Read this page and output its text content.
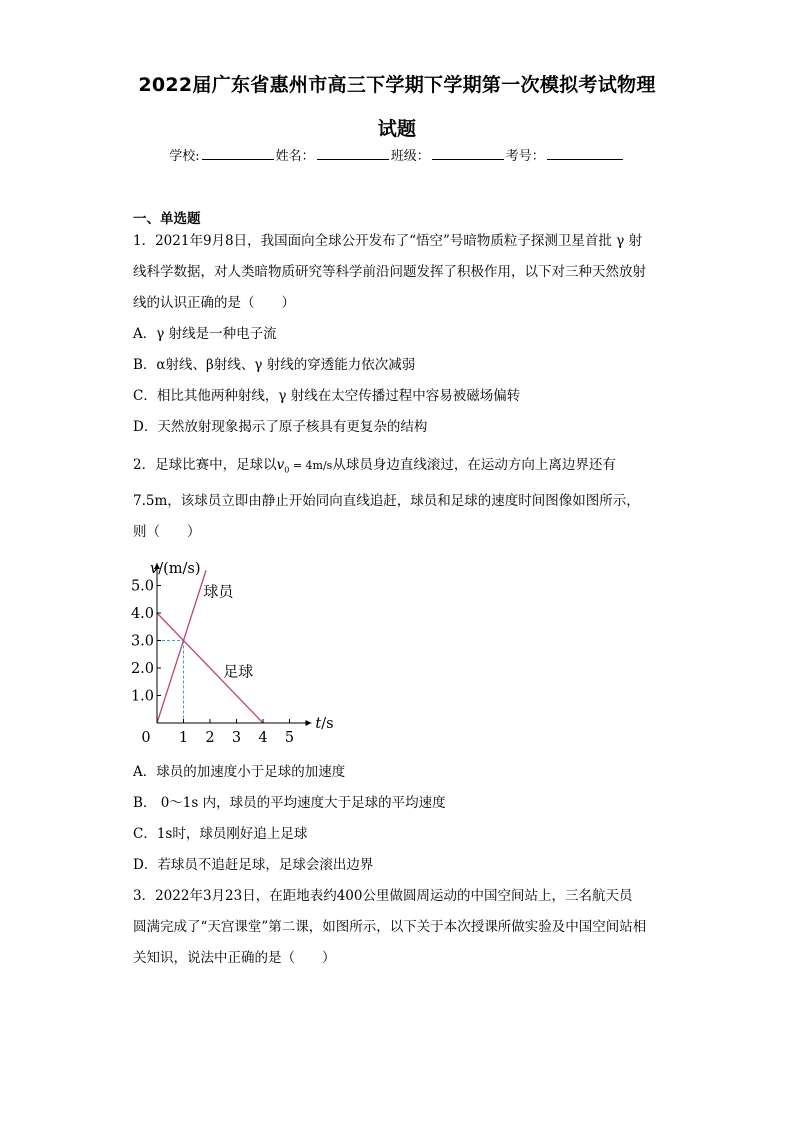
2022届广东省惠州市高三下学期下学期第一次模拟考试物理
试题
学校:	姓名：	班级：	考号：
一、单选题
1．2021年9月8日，我国面向全球公开发布了“悟空”号暗物质粒子探测卫星首批 γ 射
线科学数据，对人类暗物质研究等科学前沿问题发挥了积极作用，以下对三种天然放射
线的认识正确的是（　　）
A．γ 射线是一种电子流
B．α射线、β射线、γ 射线的穿透能力依次减弱
C．相比其他两种射线，γ 射线在太空传播过程中容易被磁场偏转
D．天然放射现象揭示了原子核具有更复杂的结构
2．足球比赛中，足球以$v_0 = 4m/s$从球员身边直线滚过，在运动方向上离边界还有
7.5m，该球员立即由静止开始同向直线追赶，球员和足球的速度时间图像如图所示，
则（　　）
1 2 3 4 5
1.0
2.0
3.0
4.0
5.0	球员
足球
0
v/(m/s)
t/s
A．球员的加速度小于足球的加速度
B． 0～1s 内，球员的平均速度大于足球的平均速度
C．1s时，球员刚好追上足球
D．若球员不追赶足球，足球会滚出边界
3．2022年3月23日，在距地表约400公里做圆周运动的中国空间站上，三名航天员
圆满完成了“天宫课堂”第二课，如图所示，以下关于本次授课所做实验及中国空间站相
关知识，说法中正确的是（　　）
